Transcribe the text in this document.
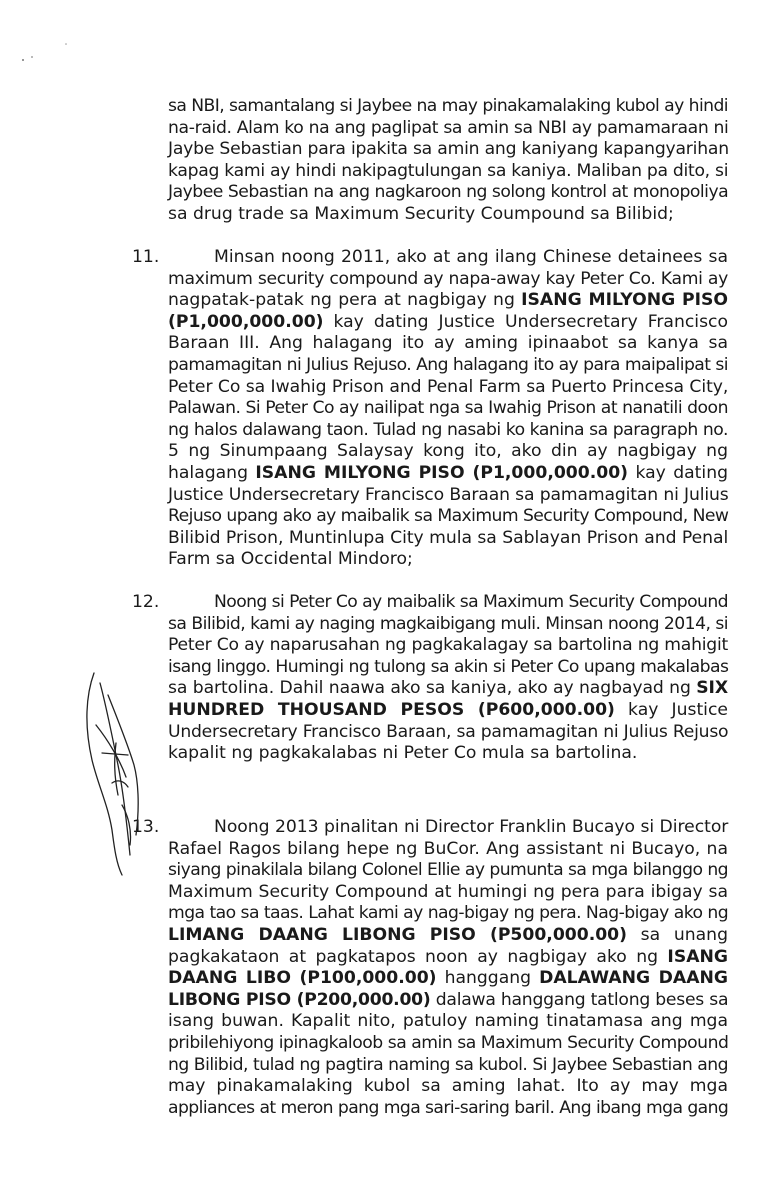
sa NBI, samantalang si Jaybee na may pinakamalaking kubol ay hindi
na-raid. Alam ko na ang paglipat sa amin sa NBI ay pamamaraan ni
Jaybe Sebastian para ipakita sa amin ang kaniyang kapangyarihan
kapag kami ay hindi nakipagtulungan sa kaniya. Maliban pa dito, si
Jaybee Sebastian na ang nagkaroon ng solong kontrol at monopoliya
sa drug trade sa Maximum Security Coumpound sa Bilibid;
11.	Minsan noong 2011, ako at ang ilang Chinese detainees sa
maximum security compound ay napa-away kay Peter Co. Kami ay
nagpatak-patak ng pera at nagbigay ng ISANG MILYONG PISO
(P1,000,000.00) kay dating Justice Undersecretary Francisco
Baraan III. Ang halagang ito ay aming ipinaabot sa kanya sa
pamamagitan ni Julius Rejuso. Ang halagang ito ay para maipalipat si
Peter Co sa Iwahig Prison and Penal Farm sa Puerto Princesa City,
Palawan. Si Peter Co ay nailipat nga sa Iwahig Prison at nanatili doon
ng halos dalawang taon. Tulad ng nasabi ko kanina sa paragraph no.
5 ng Sinumpaang Salaysay kong ito, ako din ay nagbigay ng
halagang ISANG MILYONG PISO (P1,000,000.00) kay dating
Justice Undersecretary Francisco Baraan sa pamamagitan ni Julius
Rejuso upang ako ay maibalik sa Maximum Security Compound, New
Bilibid Prison, Muntinlupa City mula sa Sablayan Prison and Penal
Farm sa Occidental Mindoro;
12.	Noong si Peter Co ay maibalik sa Maximum Security Compound
sa Bilibid, kami ay naging magkaibigang muli. Minsan noong 2014, si
Peter Co ay naparusahan ng pagkakalagay sa bartolina ng mahigit
isang linggo. Humingi ng tulong sa akin si Peter Co upang makalabas
sa bartolina. Dahil naawa ako sa kaniya, ako ay nagbayad ng SIX
HUNDRED THOUSAND PESOS (P600,000.00) kay Justice
Undersecretary Francisco Baraan, sa pamamagitan ni Julius Rejuso
kapalit ng pagkakalabas ni Peter Co mula sa bartolina.
13.	Noong 2013 pinalitan ni Director Franklin Bucayo si Director
Rafael Ragos bilang hepe ng BuCor. Ang assistant ni Bucayo, na
siyang pinakilala bilang Colonel Ellie ay pumunta sa mga bilanggo ng
Maximum Security Compound at humingi ng pera para ibigay sa
mga tao sa taas. Lahat kami ay nag-bigay ng pera. Nag-bigay ako ng
LIMANG DAANG LIBONG PISO (P500,000.00) sa unang
pagkakataon at pagkatapos noon ay nagbigay ako ng ISANG
DAANG LIBO (P100,000.00) hanggang DALAWANG DAANG
LIBONG PISO (P200,000.00) dalawa hanggang tatlong beses sa
isang buwan. Kapalit nito, patuloy naming tinatamasa ang mga
pribilehiyong ipinagkaloob sa amin sa Maximum Security Compound
ng Bilibid, tulad ng pagtira naming sa kubol. Si Jaybee Sebastian ang
may pinakamalaking kubol sa aming lahat. Ito ay may mga
appliances at meron pang mga sari-saring baril. Ang ibang mga gang
